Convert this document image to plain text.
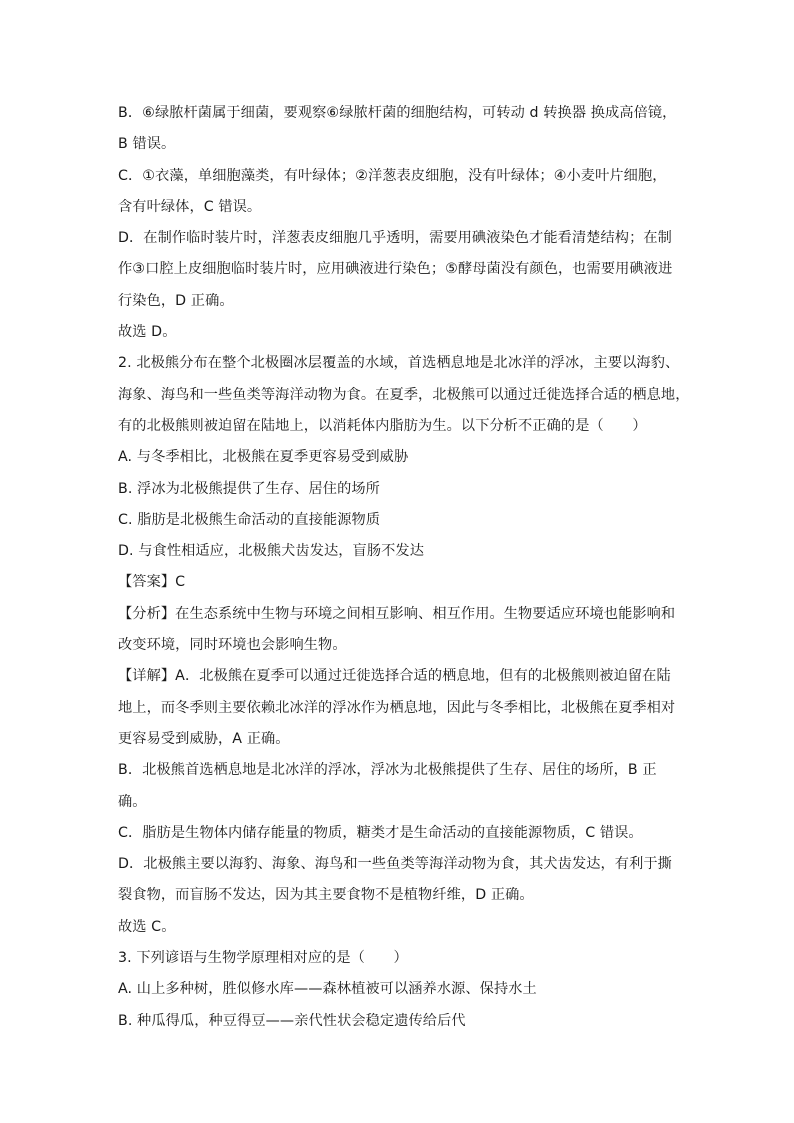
B．⑥绿脓杆菌属于细菌，要观察⑥绿脓杆菌的细胞结构，可转动 d 转换器 换成高倍镜，
B 错误。
C．①衣藻，单细胞藻类，有叶绿体；②洋葱表皮细胞，没有叶绿体；④小麦叶片细胞，
含有叶绿体，C 错误。
D．在制作临时装片时，洋葱表皮细胞几乎透明，需要用碘液染色才能看清楚结构；在制
作③口腔上皮细胞临时装片时，应用碘液进行染色；⑤酵母菌没有颜色，也需要用碘液进
行染色，D 正确。
故选 D。
2. 北极熊分布在整个北极圈冰层覆盖的水域，首选栖息地是北冰洋的浮冰，主要以海豹、
海象、海鸟和一些鱼类等海洋动物为食。在夏季，北极熊可以通过迁徙选择合适的栖息地，
有的北极熊则被迫留在陆地上，以消耗体内脂肪为生。以下分析不正确的是（　　）
A. 与冬季相比，北极熊在夏季更容易受到威胁
B. 浮冰为北极熊提供了生存、居住的场所
C. 脂肪是北极熊生命活动的直接能源物质
D. 与食性相适应，北极熊犬齿发达，盲肠不发达
【答案】C
【分析】在生态系统中生物与环境之间相互影响、相互作用。生物要适应环境也能影响和
改变环境，同时环境也会影响生物。
【详解】A．北极熊在夏季可以通过迁徙选择合适的栖息地，但有的北极熊则被迫留在陆
地上，而冬季则主要依赖北冰洋的浮冰作为栖息地，因此与冬季相比，北极熊在夏季相对
更容易受到威胁，A 正确。
B．北极熊首选栖息地是北冰洋的浮冰，浮冰为北极熊提供了生存、居住的场所，B 正
确。
C．脂肪是生物体内储存能量的物质，糖类才是生命活动的直接能源物质，C 错误。
D．北极熊主要以海豹、海象、海鸟和一些鱼类等海洋动物为食，其犬齿发达，有利于撕
裂食物，而盲肠不发达，因为其主要食物不是植物纤维，D 正确。
故选 C。
3. 下列谚语与生物学原理相对应的是（　　）
A. 山上多种树，胜似修水库——森林植被可以涵养水源、保持水土
B. 种瓜得瓜，种豆得豆——亲代性状会稳定遗传给后代
